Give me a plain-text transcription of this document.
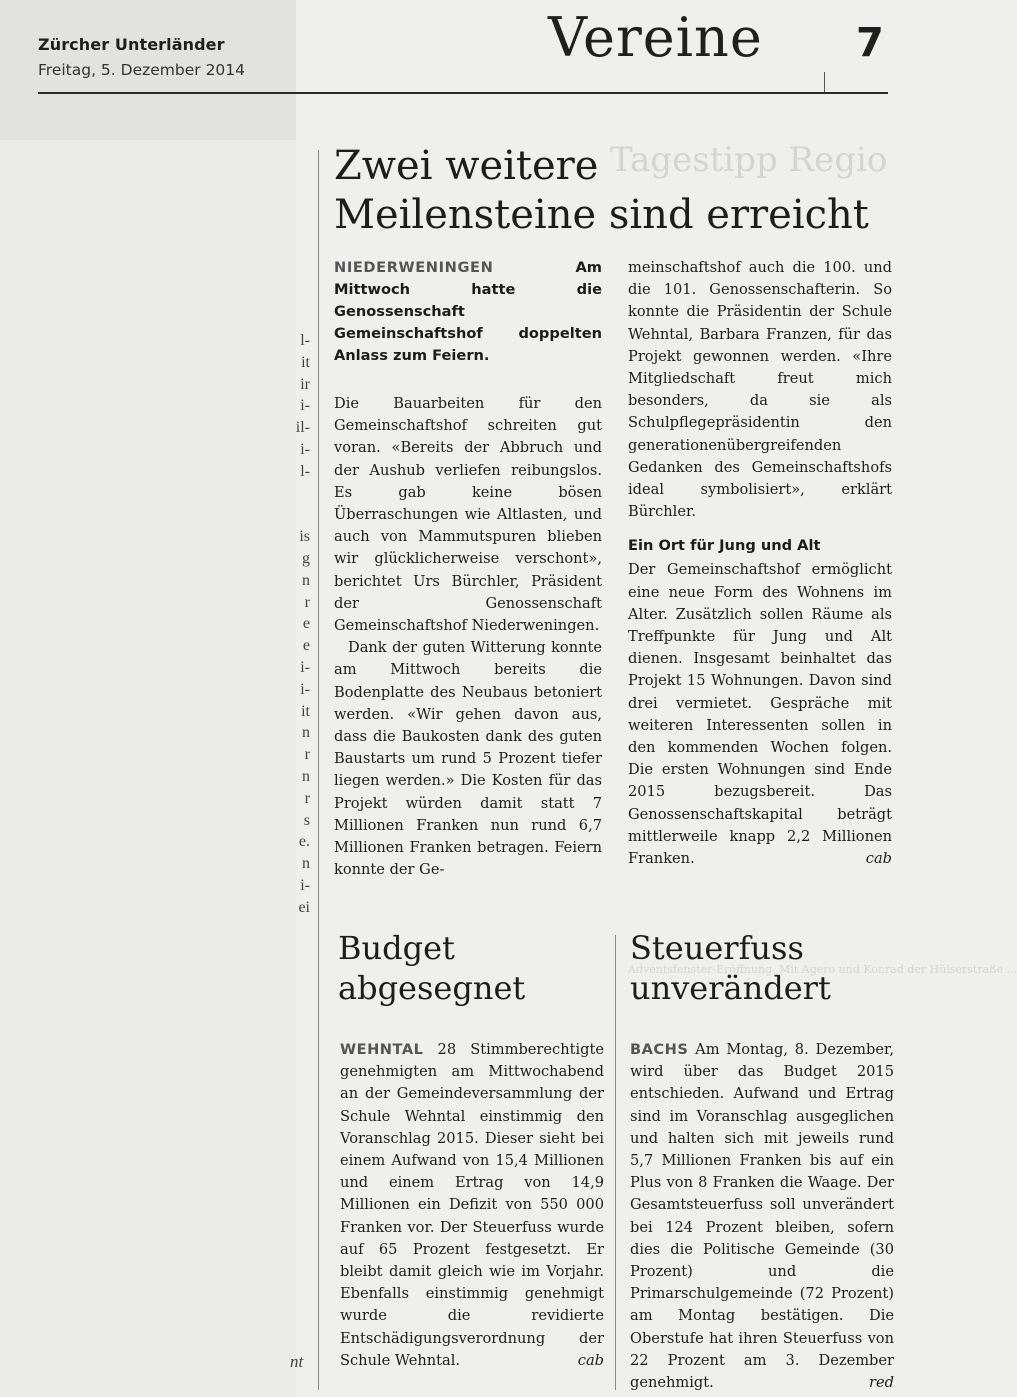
Zürcher Unterländer
Freitag, 5. Dezember 2014
Vereine 7
Tagestipp Regio
Adventsfenster-Eröffnung. Mit Agero und Konrad der Hülserstraße ...
l-
it
ir
i-
il-
i-
l-

is
g
n
r
e
e
i-
i-
it
n
r
n
r
s
e.
n
i-
ei
nt
Zwei weitere
Meilensteine sind erreicht
NIEDERWENINGEN	Am Mittwoch hatte die Genossenschaft Gemeinschaftshof doppelten Anlass zum Feiern.

Die Bauarbeiten für den Gemeinschaftshof schreiten gut voran. «Bereits der Abbruch und der Aushub verliefen reibungslos. Es gab keine bösen Überraschungen wie Altlasten, und auch von Mammutspuren blieben wir glücklicherweise verschont», berichtet Urs Bürchler, Präsident der Genossenschaft Gemeinschaftshof Niederweningen.

Dank der guten Witterung konnte am Mittwoch bereits die Bodenplatte des Neubaus betoniert werden. «Wir gehen davon aus, dass die Baukosten dank des guten Baustarts um rund 5 Prozent tiefer liegen werden.» Die Kosten für das Projekt würden damit statt 7 Millionen Franken nun rund 6,7 Millionen Franken betragen. Feiern konnte der Ge-

meinschaftshof auch die 100. und die 101. Genossenschafterin. So konnte die Präsidentin der Schule Wehntal, Barbara Franzen, für das Projekt gewonnen werden. «Ihre Mitgliedschaft freut mich besonders, da sie als Schulpflegepräsidentin den generationenübergreifenden Gedanken des Gemeinschaftshofs ideal symbolisiert», erklärt Bürchler.

Ein Ort für Jung und Alt

Der Gemeinschaftshof ermöglicht eine neue Form des Wohnens im Alter. Zusätzlich sollen Räume als Treffpunkte für Jung und Alt dienen. Insgesamt beinhaltet das Projekt 15 Wohnungen. Davon sind drei vermietet. Gespräche mit weiteren Interessenten sollen in den kommenden Wochen folgen. Die ersten Wohnungen sind Ende 2015 bezugsbereit. Das Genossenschaftskapital beträgt mittlerweile knapp 2,2 Millionen Franken.	cab

Budget
abgesegnet

WEHNTAL 28 Stimmberechtigte genehmigten am Mittwochabend an der Gemeindeversammlung der Schule Wehntal einstimmig den Voranschlag 2015. Dieser sieht bei einem Aufwand von 15,4 Millionen und einem Ertrag von 14,9 Millionen ein Defizit von 550 000 Franken vor. Der Steuerfuss wurde auf 65 Prozent festgesetzt. Er bleibt damit gleich wie im Vorjahr. Ebenfalls einstimmig genehmigt wurde die revidierte Entschädigungsverordnung der Schule Wehntal.	cab

Steuerfuss
unverändert

BACHS Am Montag, 8. Dezember, wird über das Budget 2015 entschieden. Aufwand und Ertrag sind im Voranschlag ausgeglichen und halten sich mit jeweils rund 5,7 Millionen Franken bis auf ein Plus von 8 Franken die Waage. Der Gesamtsteuerfuss soll unverändert bei 124 Prozent bleiben, sofern dies die Politische Gemeinde (30 Prozent) und die Primarschulgemeinde (72 Prozent) am Montag bestätigen. Die Oberstufe hat ihren Steuerfuss von 22 Prozent am 3. Dezember genehmigt.	red
